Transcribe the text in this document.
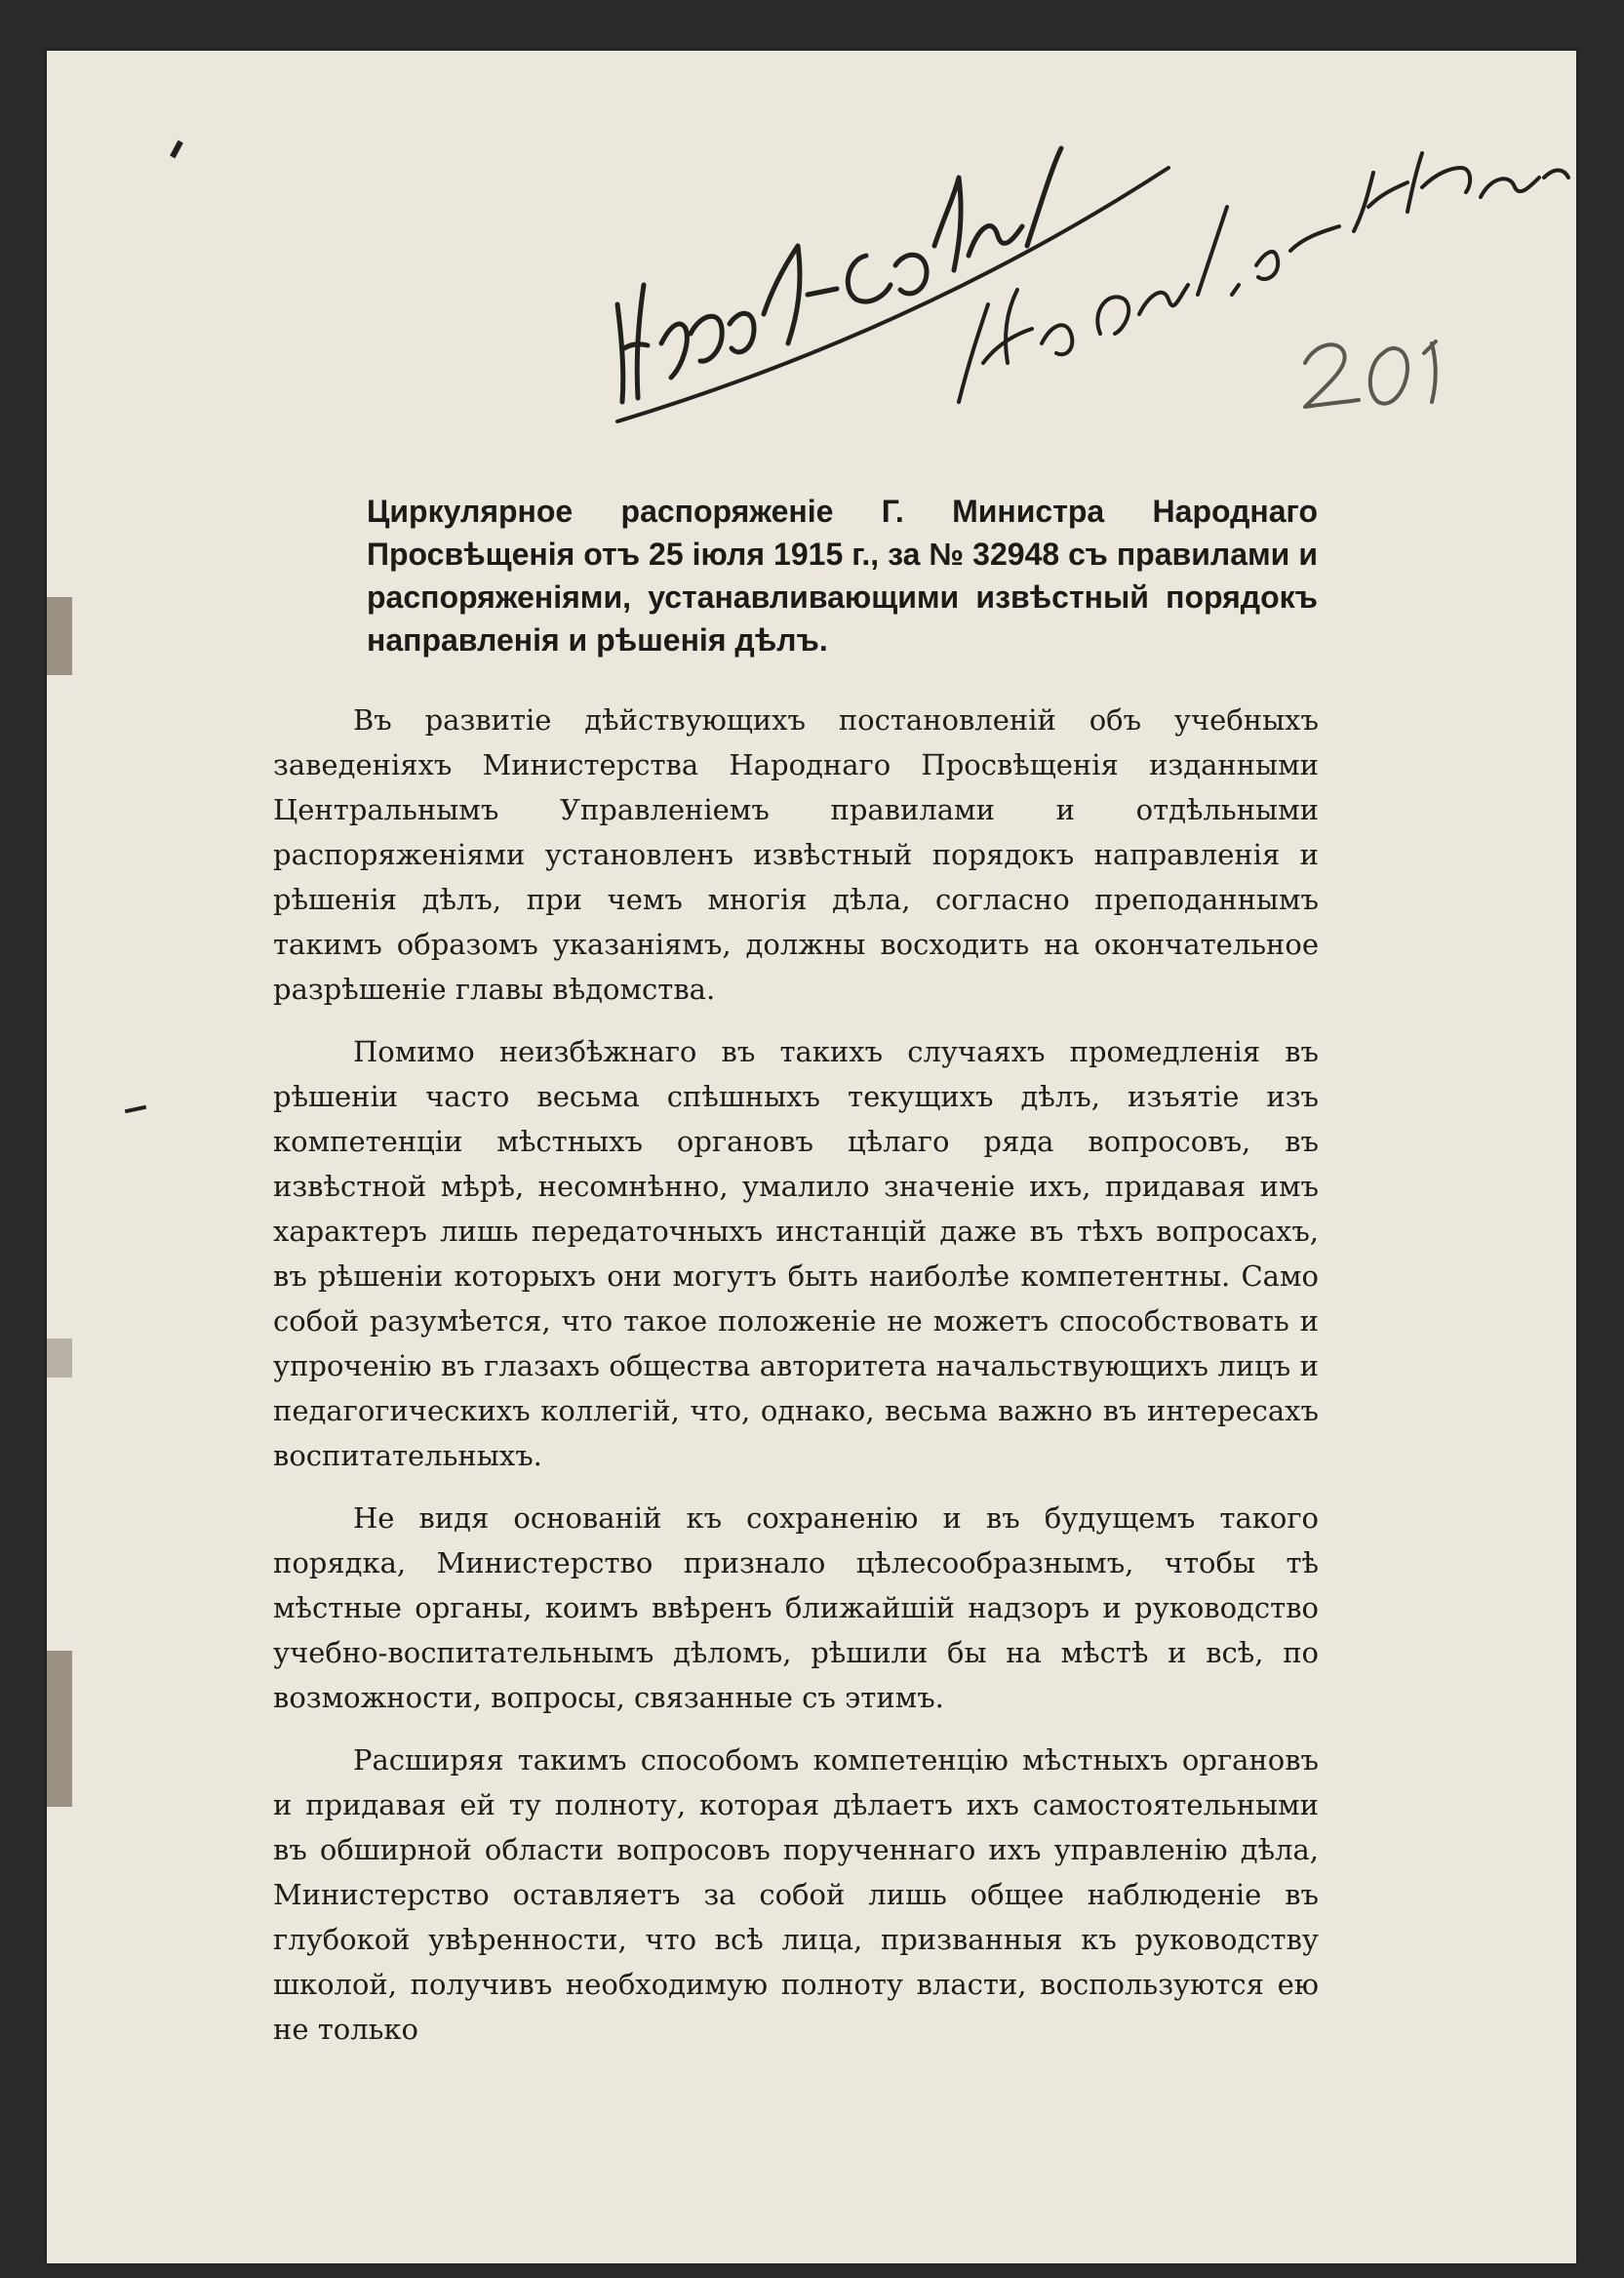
Циркулярное распоряженіе Г. Министра Народнаго Просвѣщенія отъ 25 іюля 1915 г., за № 32948 съ правилами и распоряженіями, устанавливающими извѣстный порядокъ направленія и рѣшенія дѣлъ.

Въ развитіе дѣйствующихъ постановленій объ учебныхъ заведеніяхъ Министерства Народнаго Просвѣщенія изданными Центральнымъ Управленіемъ правилами и отдѣльными распоряженіями установленъ извѣстный порядокъ направленія и рѣшенія дѣлъ, при чемъ многія дѣла, согласно преподаннымъ такимъ образомъ указаніямъ, должны восходить на окончательное разрѣшеніе главы вѣдомства.

Помимо неизбѣжнаго въ такихъ случаяхъ промедленія въ рѣшеніи часто весьма спѣшныхъ текущихъ дѣлъ, изъятіе изъ компетенціи мѣстныхъ органовъ цѣлаго ряда вопросовъ, въ извѣстной мѣрѣ, несомнѣнно, умалило значеніе ихъ, придавая имъ характеръ лишь передаточныхъ инстанцій даже въ тѣхъ вопросахъ, въ рѣшеніи которыхъ они могутъ быть наиболѣе компетентны. Само собой разумѣется, что такое положеніе не можетъ способствовать и упроченію въ глазахъ общества авторитета начальствующихъ лицъ и педагогическихъ коллегій, что, однако, весьма важно въ интересахъ воспитательныхъ.

Не видя основаній къ сохраненію и въ будущемъ такого порядка, Министерство признало цѣлесообразнымъ, чтобы тѣ мѣстные органы, коимъ ввѣренъ ближайшій надзоръ и руководство учебно-воспитательнымъ дѣломъ, рѣшили бы на мѣстѣ и всѣ, по возможности, вопросы, связанные съ этимъ.

Расширяя такимъ способомъ компетенцію мѣстныхъ органовъ и придавая ей ту полноту, которая дѣлаетъ ихъ самостоятельными въ обширной области вопросовъ порученнаго ихъ управленію дѣла, Министерство оставляетъ за собой лишь общее наблюденіе въ глубокой увѣренности, что всѣ лица, призванныя къ руководству школой, получивъ необходимую полноту власти, воспользуются ею не только
